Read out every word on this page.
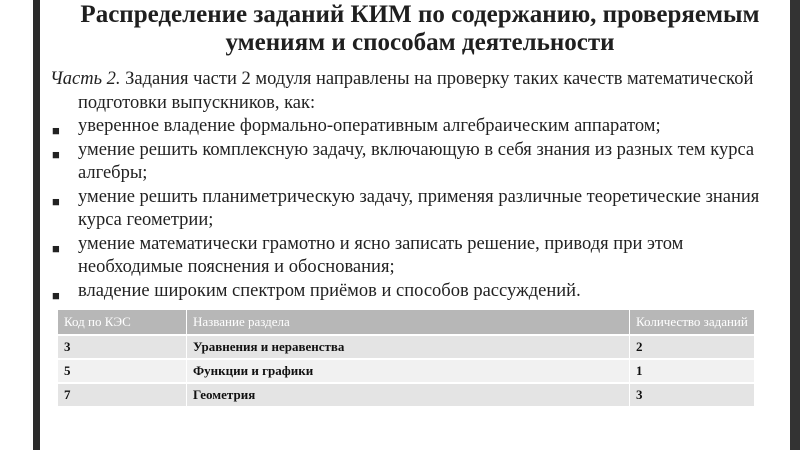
Распределение заданий КИМ по содержанию, проверяемым
умениям и способам деятельности

Часть 2. Задания части 2 модуля направлены на проверку таких качеств математической подготовки выпускников, как:

■ уверенное владение формально-оперативным алгебраическим аппаратом;
■ умение решить комплексную задачу, включающую в себя знания из разных тем курса алгебры;
■ умение решить планиметрическую задачу, применяя различные теоретические знания курса геометрии;
■ умение математически грамотно и ясно записать решение, приводя при этом необходимые пояснения и обоснования;
■ владение широким спектром приёмов и способов рассуждений.
Код по КЭС	Название раздела	Количество заданий
3	Уравнения и неравенства	2
5	Функции и графики	1
7	Геометрия	3
